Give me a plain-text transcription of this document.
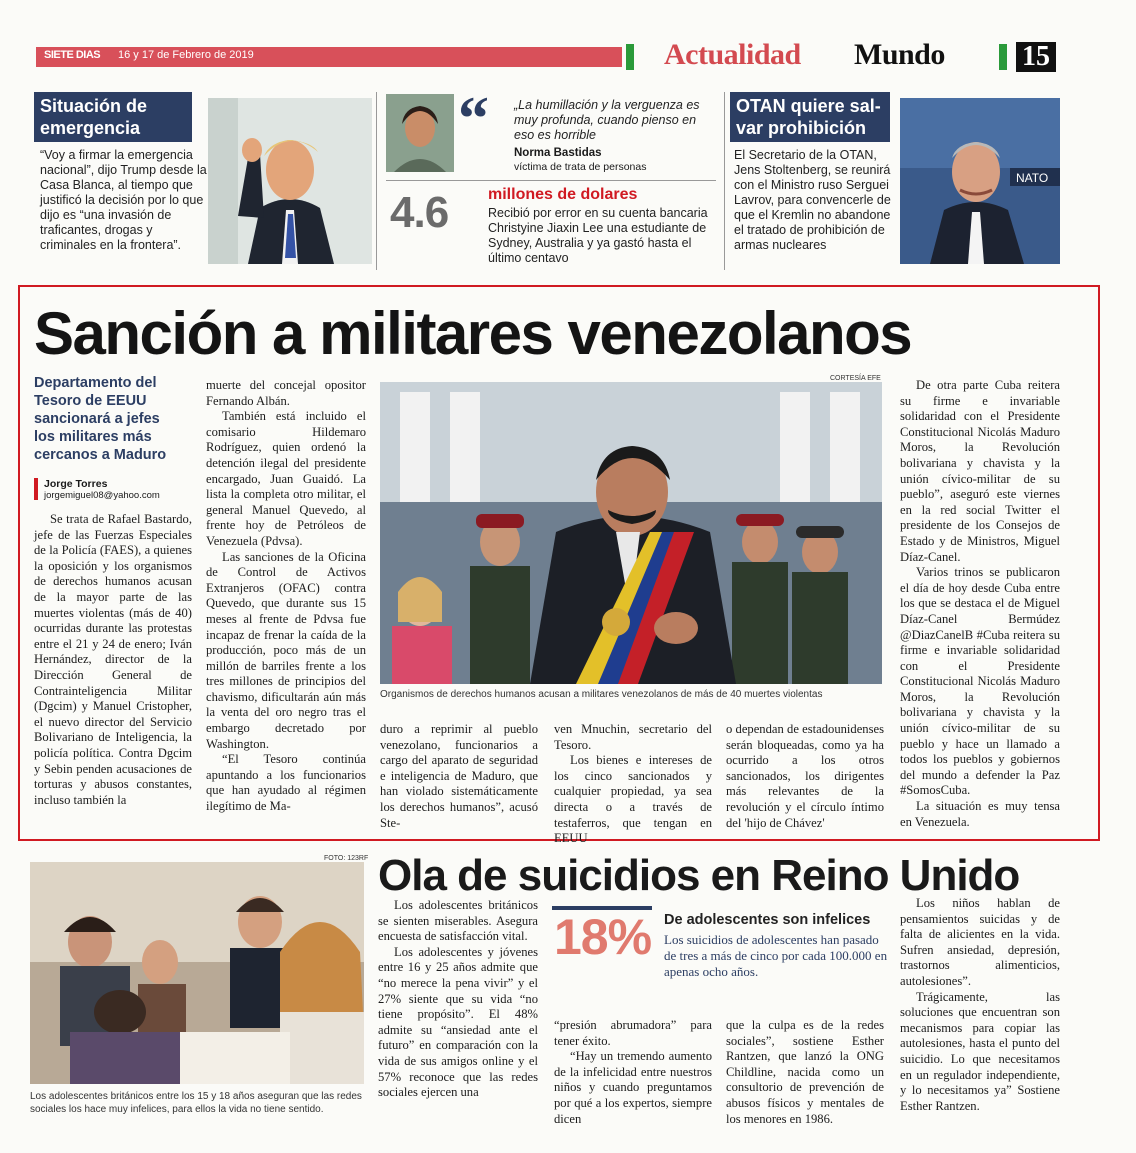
SIETE DIAS 16 y 17 de Febrero de 2019	Actualidad Mundo	15
Situación de
emergencia
“Voy a firmar la emergencia nacional”, dijo Trump desde la Casa Blanca, al tiempo que justificó la decisión por lo que dijo es “una invasión de traficantes, drogas y criminales en la frontera”.
“ „La humillación y la verguenza es muy profunda, cuando pienso en eso es horrible
Norma Bastidas
víctima de trata de personas
4.6 millones de dolares
Recibió por error en su cuenta bancaria Christyine Jiaxin Lee una estudiante de Sydney, Australia y ya gastó hasta el último centavo
OTAN quiere sal-
var prohibición
El Secretario de la OTAN, Jens Stoltenberg, se reunirá con el Ministro ruso Serguei Lavrov, para convencerle de que el Kremlin no abandone el tratado de prohibición de armas nucleares
NATO
Sanción a militares venezolanos
Departamento del Tesoro de EEUU sancionará a jefes los militares más cercanos a Maduro
Jorge Torres
jorgemiguel08@yahoo.com

Se trata de Rafael Bastardo, jefe de las Fuerzas Especiales de la Policía (FAES), a quienes la oposición y los organismos de derechos humanos acusan de la mayor parte de las muertes violentas (más de 40) ocurridas durante las protestas entre el 21 y 24 de enero; Iván Hernández, director de la Dirección General de Contrainteligencia Militar (Dgcim) y Manuel Cristopher, el nuevo director del Servicio Bolivariano de Inteligencia, la policía política. Contra Dgcim y Sebin penden acusaciones de torturas y abusos constantes, incluso también la

muerte del concejal opositor Fernando Albán.

También está incluido el comisario Hildemaro Rodríguez, quien ordenó la detención ilegal del presidente encargado, Juan Guaidó. La lista la completa otro militar, el general Manuel Quevedo, al frente hoy de Petróleos de Venezuela (Pdvsa).

Las sanciones de la Oficina de Control de Activos Extranjeros (OFAC) contra Quevedo, que durante sus 15 meses al frente de Pdvsa fue incapaz de frenar la caída de la producción, poco más de un millón de barriles frente a los tres millones de principios del chavismo, dificultarán aún más la venta del oro negro tras el embargo decretado por Washington.

“El Tesoro continúa apuntando a los funcionarios que han ayudado al régimen ilegítimo de Ma-

CORTESÍA EFE
Organismos de derechos humanos acusan a militares venezolanos de más de 40 muertes violentas

duro a reprimir al pueblo venezolano, funcionarios a cargo del aparato de seguridad e inteligencia de Maduro, que han violado sistemáticamente los derechos humanos”, acusó Ste-

ven Mnuchin, secretario del Tesoro.

Los bienes e intereses de los cinco sancionados y cualquier propiedad, ya sea directa o a través de testaferros, que tengan en EEUU

o dependan de estadounidenses serán bloqueadas, como ya ha ocurrido a los otros sancionados, los dirigentes más relevantes de la revolución y el círculo íntimo del 'hijo de Chávez'

De otra parte Cuba reitera su firme e invariable solidaridad con el Presidente Constitucional Nicolás Maduro Moros, la Revolución bolivariana y chavista y la unión cívico-militar de su pueblo”, aseguró este viernes en la red social Twitter el presidente de los Consejos de Estado y de Ministros, Miguel Díaz-Canel.

Varios trinos se publicaron el día de hoy desde Cuba entre los que se destaca el de Miguel Díaz-Canel Bermúdez @DiazCanelB #Cuba reitera su firme e invariable solidaridad con el Presidente Constitucional Nicolás Maduro Moros, la Revolución bolivariana y chavista y la unión cívico-militar de su pueblo y hace un llamado a todos los pueblos y gobiernos del mundo a defender la Paz #SomosCuba.

La situación es muy tensa en Venezuela.

FOTO: 123RF
Los adolescentes británicos entre los 15 y 18 años aseguran que las redes sociales los hace muy infelices, para ellos la vida no tiene sentido.
Ola de suicidios en Reino Unido

Los adolescentes británicos se sienten miserables. Asegura encuesta de satisfacción vital.

Los adolescentes y jóvenes entre 16 y 25 años admite que “no merece la pena vivir” y el 27% siente que su vida “no tiene propósito”. El 48% admite su “ansiedad ante el futuro” en comparación con la vida de sus amigos online y el 57% reconoce que las redes sociales ejercen una

18% De adolescentes son infelices
Los suicidios de adolescentes han pasado de tres a más de cinco por cada 100.000 en apenas ocho años.

“presión abrumadora” para tener éxito.

“Hay un tremendo aumento de la infelicidad entre nuestros niños y cuando preguntamos por qué a los expertos, siempre dicen

que la culpa es de la redes sociales”, sostiene Esther Rantzen, que lanzó la ONG Childline, nacida como un consultorio de prevención de abusos físicos y mentales de los menores en 1986.

Los niños hablan de pensamientos suicidas y de falta de alicientes en la vida. Sufren ansiedad, depresión, trastornos alimenticios, autolesiones”.

Trágicamente, las soluciones que encuentran son mecanismos para copiar las autolesiones, hasta el punto del suicidio. Lo que necesitamos en un regulador independiente, y lo necesitamos ya” Sostiene Esther Rantzen.
